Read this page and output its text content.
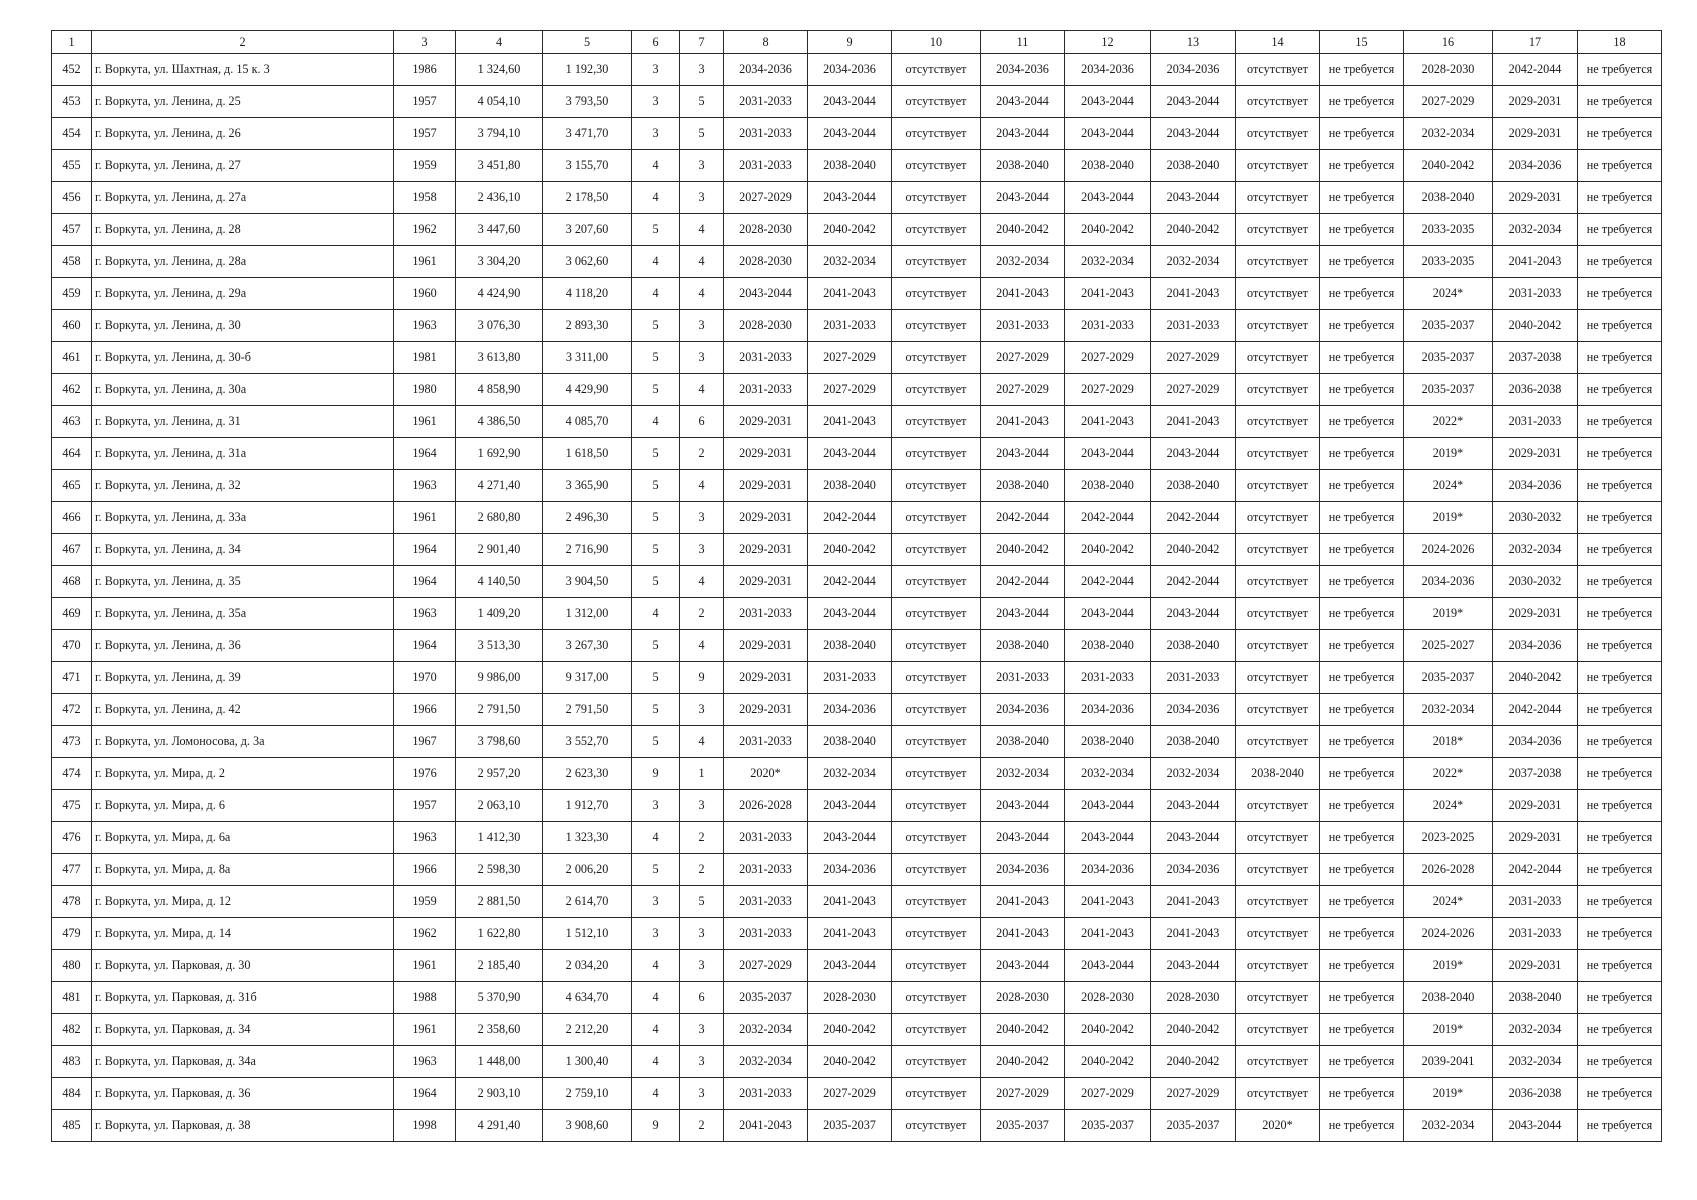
1	2	3	4	5	6	7	8	9	10	11	12	13	14	15	16	17	18
452	г. Воркута, ул. Шахтная, д. 15 к. 3	1986	1 324,60	1 192,30	3	3	2034-2036	2034-2036	отсутствует	2034-2036	2034-2036	2034-2036	отсутствует	не требуется	2028-2030	2042-2044	не требуется
453	г. Воркута, ул. Ленина, д. 25	1957	4 054,10	3 793,50	3	5	2031-2033	2043-2044	отсутствует	2043-2044	2043-2044	2043-2044	отсутствует	не требуется	2027-2029	2029-2031	не требуется
454	г. Воркута, ул. Ленина, д. 26	1957	3 794,10	3 471,70	3	5	2031-2033	2043-2044	отсутствует	2043-2044	2043-2044	2043-2044	отсутствует	не требуется	2032-2034	2029-2031	не требуется
455	г. Воркута, ул. Ленина, д. 27	1959	3 451,80	3 155,70	4	3	2031-2033	2038-2040	отсутствует	2038-2040	2038-2040	2038-2040	отсутствует	не требуется	2040-2042	2034-2036	не требуется
456	г. Воркута, ул. Ленина, д. 27а	1958	2 436,10	2 178,50	4	3	2027-2029	2043-2044	отсутствует	2043-2044	2043-2044	2043-2044	отсутствует	не требуется	2038-2040	2029-2031	не требуется
457	г. Воркута, ул. Ленина, д. 28	1962	3 447,60	3 207,60	5	4	2028-2030	2040-2042	отсутствует	2040-2042	2040-2042	2040-2042	отсутствует	не требуется	2033-2035	2032-2034	не требуется
458	г. Воркута, ул. Ленина, д. 28а	1961	3 304,20	3 062,60	4	4	2028-2030	2032-2034	отсутствует	2032-2034	2032-2034	2032-2034	отсутствует	не требуется	2033-2035	2041-2043	не требуется
459	г. Воркута, ул. Ленина, д. 29а	1960	4 424,90	4 118,20	4	4	2043-2044	2041-2043	отсутствует	2041-2043	2041-2043	2041-2043	отсутствует	не требуется	2024*	2031-2033	не требуется
460	г. Воркута, ул. Ленина, д. 30	1963	3 076,30	2 893,30	5	3	2028-2030	2031-2033	отсутствует	2031-2033	2031-2033	2031-2033	отсутствует	не требуется	2035-2037	2040-2042	не требуется
461	г. Воркута, ул. Ленина, д. 30-б	1981	3 613,80	3 311,00	5	3	2031-2033	2027-2029	отсутствует	2027-2029	2027-2029	2027-2029	отсутствует	не требуется	2035-2037	2037-2038	не требуется
462	г. Воркута, ул. Ленина, д. 30а	1980	4 858,90	4 429,90	5	4	2031-2033	2027-2029	отсутствует	2027-2029	2027-2029	2027-2029	отсутствует	не требуется	2035-2037	2036-2038	не требуется
463	г. Воркута, ул. Ленина, д. 31	1961	4 386,50	4 085,70	4	6	2029-2031	2041-2043	отсутствует	2041-2043	2041-2043	2041-2043	отсутствует	не требуется	2022*	2031-2033	не требуется
464	г. Воркута, ул. Ленина, д. 31а	1964	1 692,90	1 618,50	5	2	2029-2031	2043-2044	отсутствует	2043-2044	2043-2044	2043-2044	отсутствует	не требуется	2019*	2029-2031	не требуется
465	г. Воркута, ул. Ленина, д. 32	1963	4 271,40	3 365,90	5	4	2029-2031	2038-2040	отсутствует	2038-2040	2038-2040	2038-2040	отсутствует	не требуется	2024*	2034-2036	не требуется
466	г. Воркута, ул. Ленина, д. 33а	1961	2 680,80	2 496,30	5	3	2029-2031	2042-2044	отсутствует	2042-2044	2042-2044	2042-2044	отсутствует	не требуется	2019*	2030-2032	не требуется
467	г. Воркута, ул. Ленина, д. 34	1964	2 901,40	2 716,90	5	3	2029-2031	2040-2042	отсутствует	2040-2042	2040-2042	2040-2042	отсутствует	не требуется	2024-2026	2032-2034	не требуется
468	г. Воркута, ул. Ленина, д. 35	1964	4 140,50	3 904,50	5	4	2029-2031	2042-2044	отсутствует	2042-2044	2042-2044	2042-2044	отсутствует	не требуется	2034-2036	2030-2032	не требуется
469	г. Воркута, ул. Ленина, д. 35а	1963	1 409,20	1 312,00	4	2	2031-2033	2043-2044	отсутствует	2043-2044	2043-2044	2043-2044	отсутствует	не требуется	2019*	2029-2031	не требуется
470	г. Воркута, ул. Ленина, д. 36	1964	3 513,30	3 267,30	5	4	2029-2031	2038-2040	отсутствует	2038-2040	2038-2040	2038-2040	отсутствует	не требуется	2025-2027	2034-2036	не требуется
471	г. Воркута, ул. Ленина, д. 39	1970	9 986,00	9 317,00	5	9	2029-2031	2031-2033	отсутствует	2031-2033	2031-2033	2031-2033	отсутствует	не требуется	2035-2037	2040-2042	не требуется
472	г. Воркута, ул. Ленина, д. 42	1966	2 791,50	2 791,50	5	3	2029-2031	2034-2036	отсутствует	2034-2036	2034-2036	2034-2036	отсутствует	не требуется	2032-2034	2042-2044	не требуется
473	г. Воркута, ул. Ломоносова, д. 3а	1967	3 798,60	3 552,70	5	4	2031-2033	2038-2040	отсутствует	2038-2040	2038-2040	2038-2040	отсутствует	не требуется	2018*	2034-2036	не требуется
474	г. Воркута, ул. Мира, д. 2	1976	2 957,20	2 623,30	9	1	2020*	2032-2034	отсутствует	2032-2034	2032-2034	2032-2034	2038-2040	не требуется	2022*	2037-2038	не требуется
475	г. Воркута, ул. Мира, д. 6	1957	2 063,10	1 912,70	3	3	2026-2028	2043-2044	отсутствует	2043-2044	2043-2044	2043-2044	отсутствует	не требуется	2024*	2029-2031	не требуется
476	г. Воркута, ул. Мира, д. 6а	1963	1 412,30	1 323,30	4	2	2031-2033	2043-2044	отсутствует	2043-2044	2043-2044	2043-2044	отсутствует	не требуется	2023-2025	2029-2031	не требуется
477	г. Воркута, ул. Мира, д. 8а	1966	2 598,30	2 006,20	5	2	2031-2033	2034-2036	отсутствует	2034-2036	2034-2036	2034-2036	отсутствует	не требуется	2026-2028	2042-2044	не требуется
478	г. Воркута, ул. Мира, д. 12	1959	2 881,50	2 614,70	3	5	2031-2033	2041-2043	отсутствует	2041-2043	2041-2043	2041-2043	отсутствует	не требуется	2024*	2031-2033	не требуется
479	г. Воркута, ул. Мира, д. 14	1962	1 622,80	1 512,10	3	3	2031-2033	2041-2043	отсутствует	2041-2043	2041-2043	2041-2043	отсутствует	не требуется	2024-2026	2031-2033	не требуется
480	г. Воркута, ул. Парковая, д. 30	1961	2 185,40	2 034,20	4	3	2027-2029	2043-2044	отсутствует	2043-2044	2043-2044	2043-2044	отсутствует	не требуется	2019*	2029-2031	не требуется
481	г. Воркута, ул. Парковая, д. 31б	1988	5 370,90	4 634,70	4	6	2035-2037	2028-2030	отсутствует	2028-2030	2028-2030	2028-2030	отсутствует	не требуется	2038-2040	2038-2040	не требуется
482	г. Воркута, ул. Парковая, д. 34	1961	2 358,60	2 212,20	4	3	2032-2034	2040-2042	отсутствует	2040-2042	2040-2042	2040-2042	отсутствует	не требуется	2019*	2032-2034	не требуется
483	г. Воркута, ул. Парковая, д. 34а	1963	1 448,00	1 300,40	4	3	2032-2034	2040-2042	отсутствует	2040-2042	2040-2042	2040-2042	отсутствует	не требуется	2039-2041	2032-2034	не требуется
484	г. Воркута, ул. Парковая, д. 36	1964	2 903,10	2 759,10	4	3	2031-2033	2027-2029	отсутствует	2027-2029	2027-2029	2027-2029	отсутствует	не требуется	2019*	2036-2038	не требуется
485	г. Воркута, ул. Парковая, д. 38	1998	4 291,40	3 908,60	9	2	2041-2043	2035-2037	отсутствует	2035-2037	2035-2037	2035-2037	2020*	не требуется	2032-2034	2043-2044	не требуется
